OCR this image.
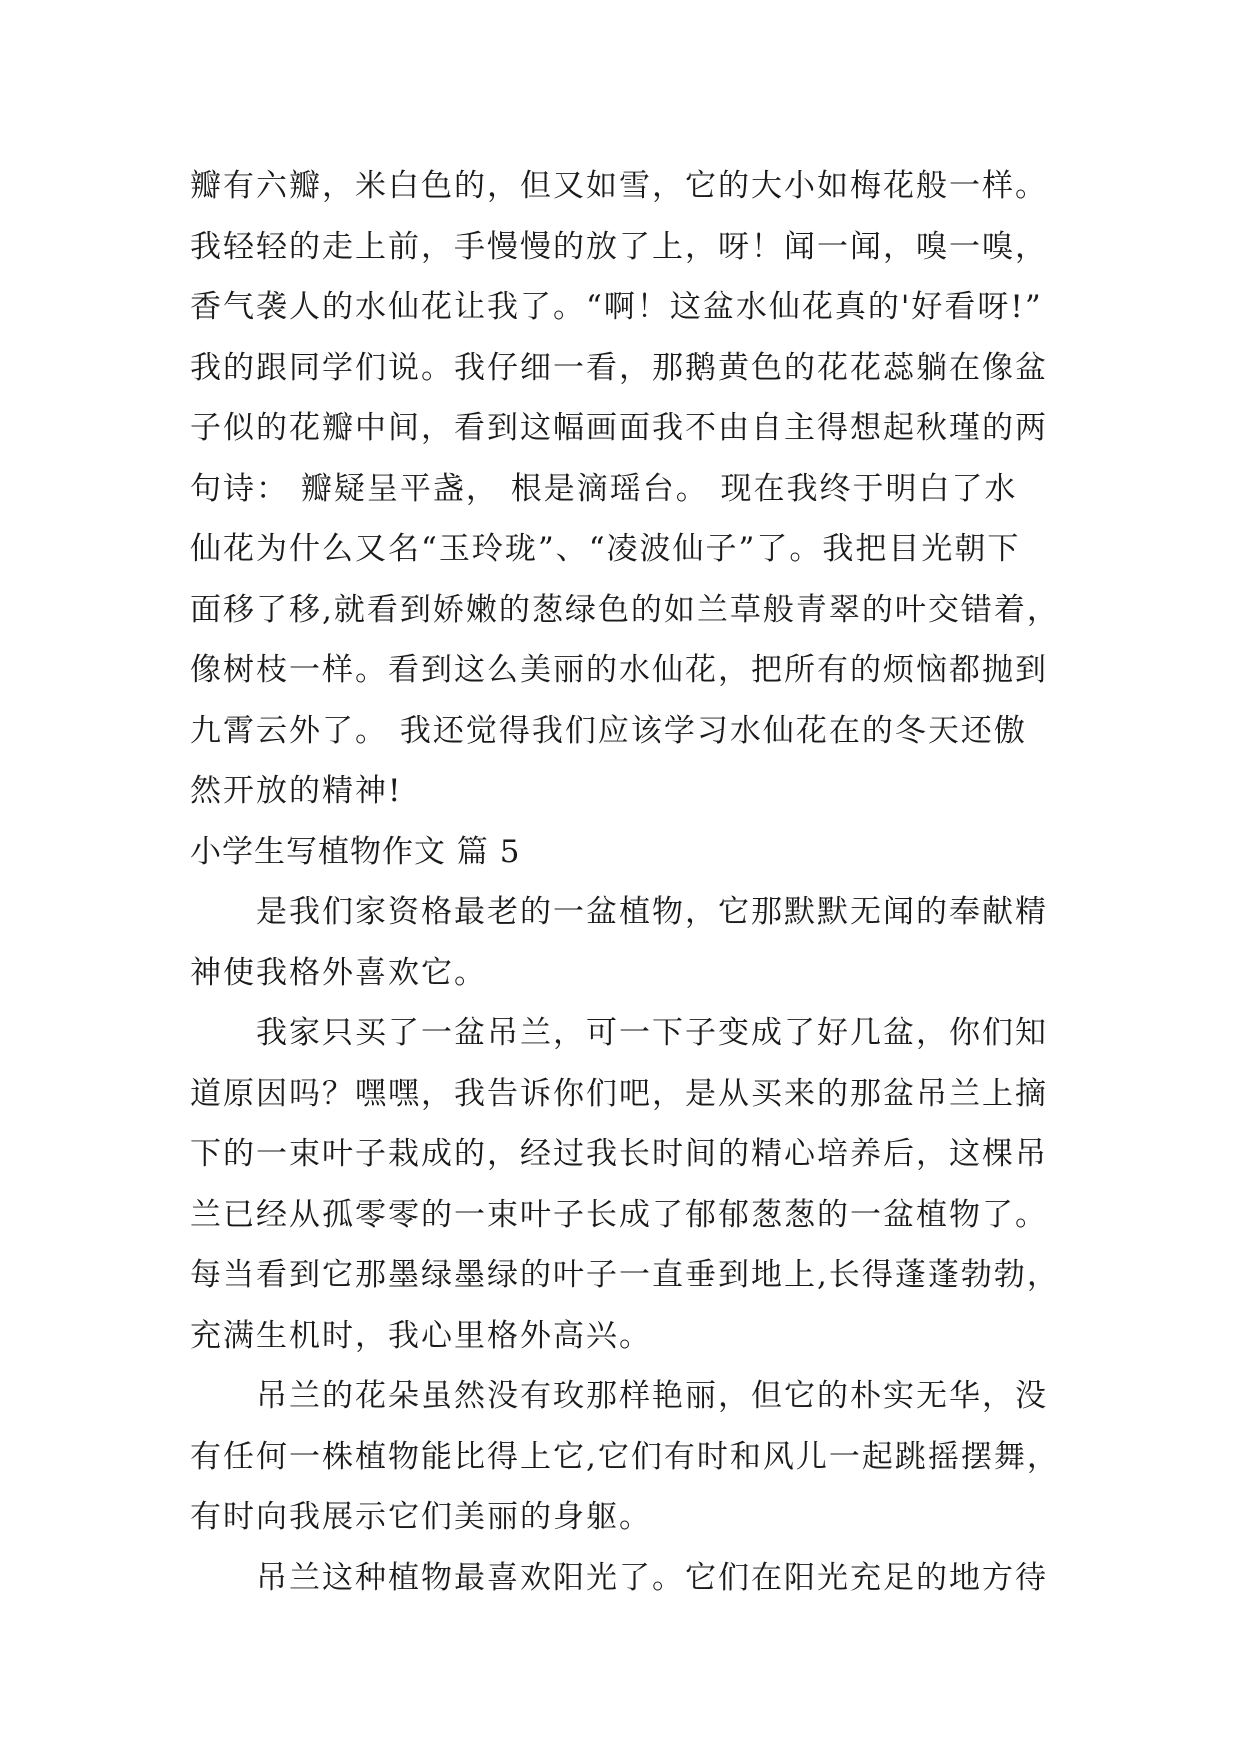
瓣有六瓣，米白色的，但又如雪，它的大小如梅花般一样。
我轻轻的走上前，手慢慢的放了上，呀！闻一闻，嗅一嗅，
香气袭人的水仙花让我了。“啊！这盆水仙花真的'好看呀!”
我的跟同学们说。我仔细一看，那鹅黄色的花花蕊躺在像盆
子似的花瓣中间，看到这幅画面我不由自主得想起秋瑾的两
句诗： 瓣疑呈平盏， 根是滴瑶台。 现在我终于明白了水
仙花为什么又名“玉玲珑”、“凌波仙子”了。我把目光朝下
面移了移,就看到娇嫩的葱绿色的如兰草般青翠的叶交错着，
像树枝一样。看到这么美丽的水仙花，把所有的烦恼都抛到
九霄云外了。 我还觉得我们应该学习水仙花在的冬天还傲
然开放的精神!
小学生写植物作文 篇 5
是我们家资格最老的一盆植物，它那默默无闻的奉献精
神使我格外喜欢它。
我家只买了一盆吊兰，可一下子变成了好几盆，你们知
道原因吗？嘿嘿，我告诉你们吧，是从买来的那盆吊兰上摘
下的一束叶子栽成的，经过我长时间的精心培养后，这棵吊
兰已经从孤零零的一束叶子长成了郁郁葱葱的一盆植物了。
每当看到它那墨绿墨绿的叶子一直垂到地上,长得蓬蓬勃勃，
充满生机时，我心里格外高兴。
吊兰的花朵虽然没有玫那样艳丽，但它的朴实无华，没
有任何一株植物能比得上它,它们有时和风儿一起跳摇摆舞，
有时向我展示它们美丽的身躯。
吊兰这种植物最喜欢阳光了。它们在阳光充足的地方待
